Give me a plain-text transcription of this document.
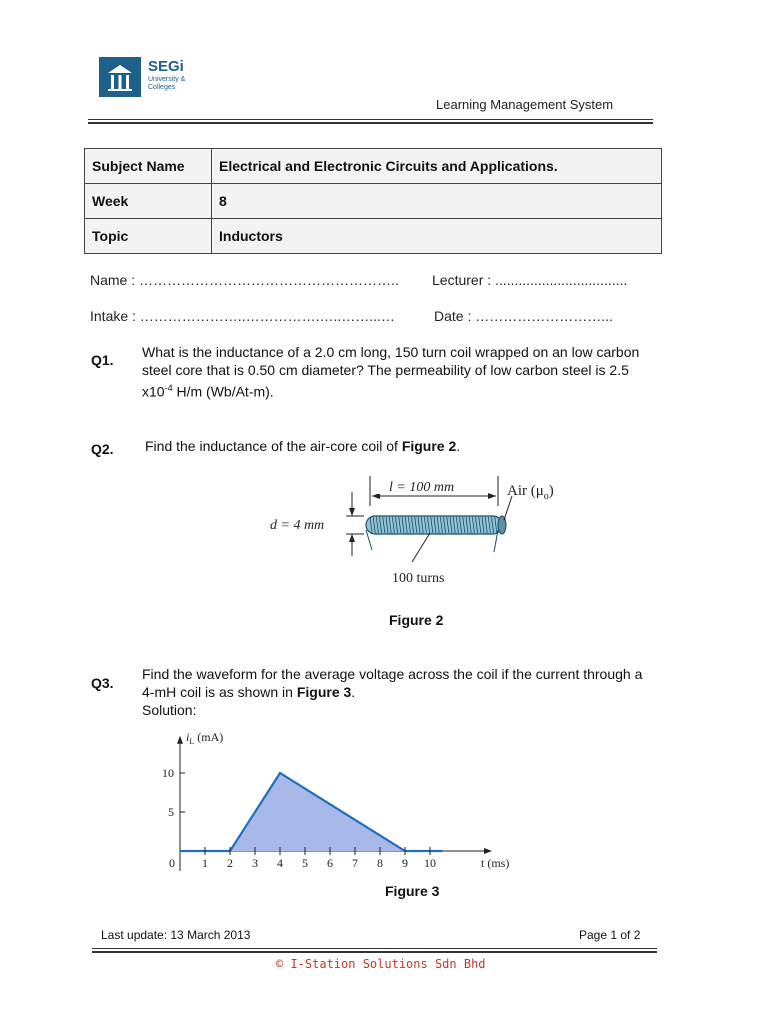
SEGi
University & Colleges
Learning Management System
Subject Name	Electrical and Electronic Circuits and Applications.
Week	8
Topic	Inductors
Name : ……………………………………………….. Lecturer : ..................................
Intake : …………………..…………….…..……...…	Date : ………………………...
Q1. What is the inductance of a 2.0 cm long, 150 turn coil wrapped on an low carbon
steel core that is 0.50 cm diameter? The permeability of low carbon steel is 2.5
$x10^{-4}$ H/m (Wb/At-m).
Q2. Find the inductance of the air-core coil of Figure 2.
l = 100 mm
d = 4 mm
Air $(\mu_o)$
100 turns
Figure 2
Q3.
Find the waveform for the average voltage across the coil if the current through a
4-mH coil is as shown in Figure 3.
Solution:
$i_L$ (mA)
0 1 2 3 4 5 6 7 8 9 10
5
10
t (ms)
Figure 3
Last update: 13 March 2013	Page 1 of 2
© I-Station Solutions Sdn Bhd
